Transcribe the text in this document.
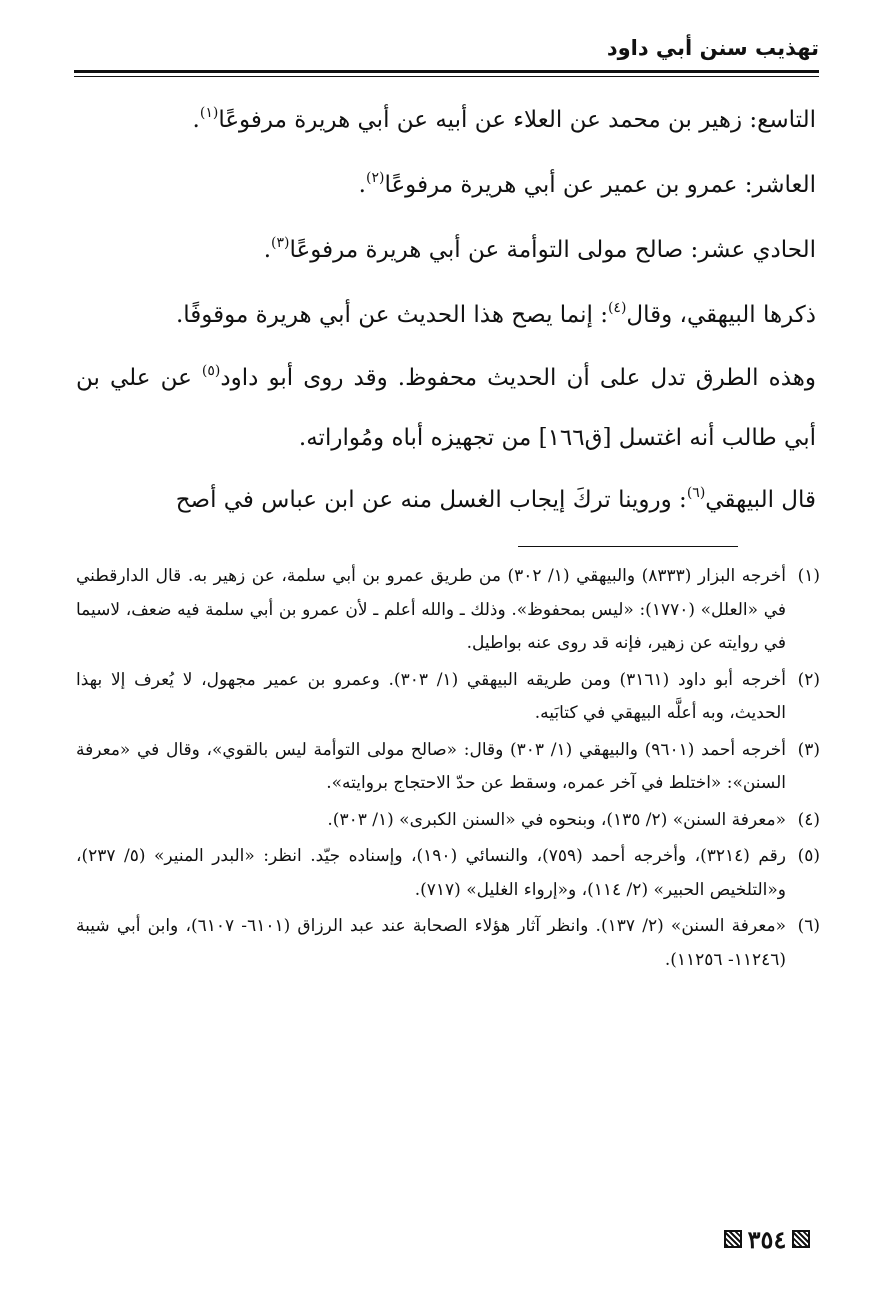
تهذيب سنن أبي داود

التاسع: زهير بن محمد عن العلاء عن أبيه عن أبي هريرة مرفوعًا$^{(١)}$.

العاشر: عمرو بن عمير عن أبي هريرة مرفوعًا$^{(٢)}$.

الحادي عشر: صالح مولى التوأمة عن أبي هريرة مرفوعًا$^{(٣)}$.

ذكرها البيهقي، وقال$^{(٤)}$: إنما يصح هذا الحديث عن أبي هريرة موقوفًا.

وهذه الطرق تدل على أن الحديث محفوظ. وقد روى أبو داود$^{(٥)}$ عن علي بن أبي طالب أنه اغتسل [ق١٦٦] من تجهيزه أباه ومُواراته.

قال البيهقي$^{(٦)}$: وروينا تركَ إيجاب الغسل منه عن ابن عباس في أصح

(١)
أخرجه البزار (٨٣٣٣) والبيهقي (١/ ٣٠٢) من طريق عمرو بن أبي سلمة، عن زهير به. قال الدارقطني في «العلل» (١٧٧٠): «ليس بمحفوظ». وذلك ـ والله أعلم ـ لأن عمرو بن أبي سلمة فيه ضعف، لاسيما في روايته عن زهير، فإنه قد روى عنه بواطيل.
(٢)
أخرجه أبو داود (٣١٦١) ومن طريقه البيهقي (١/ ٣٠٣). وعمرو بن عمير مجهول، لا يُعرف إلا بهذا الحديث، وبه أعلَّه البيهقي في كتابَيه.
(٣)
أخرجه أحمد (٩٦٠١) والبيهقي (١/ ٣٠٣) وقال: «صالح مولى التوأمة ليس بالقوي»، وقال في «معرفة السنن»: «اختلط في آخر عمره، وسقط عن حدّ الاحتجاج بروايته».
(٤)
«معرفة السنن» (٢/ ١٣٥)، وبنحوه في «السنن الكبرى» (١/ ٣٠٣).
(٥)
رقم (٣٢١٤)، وأخرجه أحمد (٧٥٩)، والنسائي (١٩٠)، وإسناده جيّد. انظر: «البدر المنير» (٥/ ٢٣٧)، و«التلخيص الحبير» (٢/ ١١٤)، و«إرواء الغليل» (٧١٧).
(٦)
«معرفة السنن» (٢/ ١٣٧). وانظر آثار هؤلاء الصحابة عند عبد الرزاق (٦١٠١- ٦١٠٧)، وابن أبي شيبة (١١٢٤٦- ١١٢٥٦).
٣٥٤
